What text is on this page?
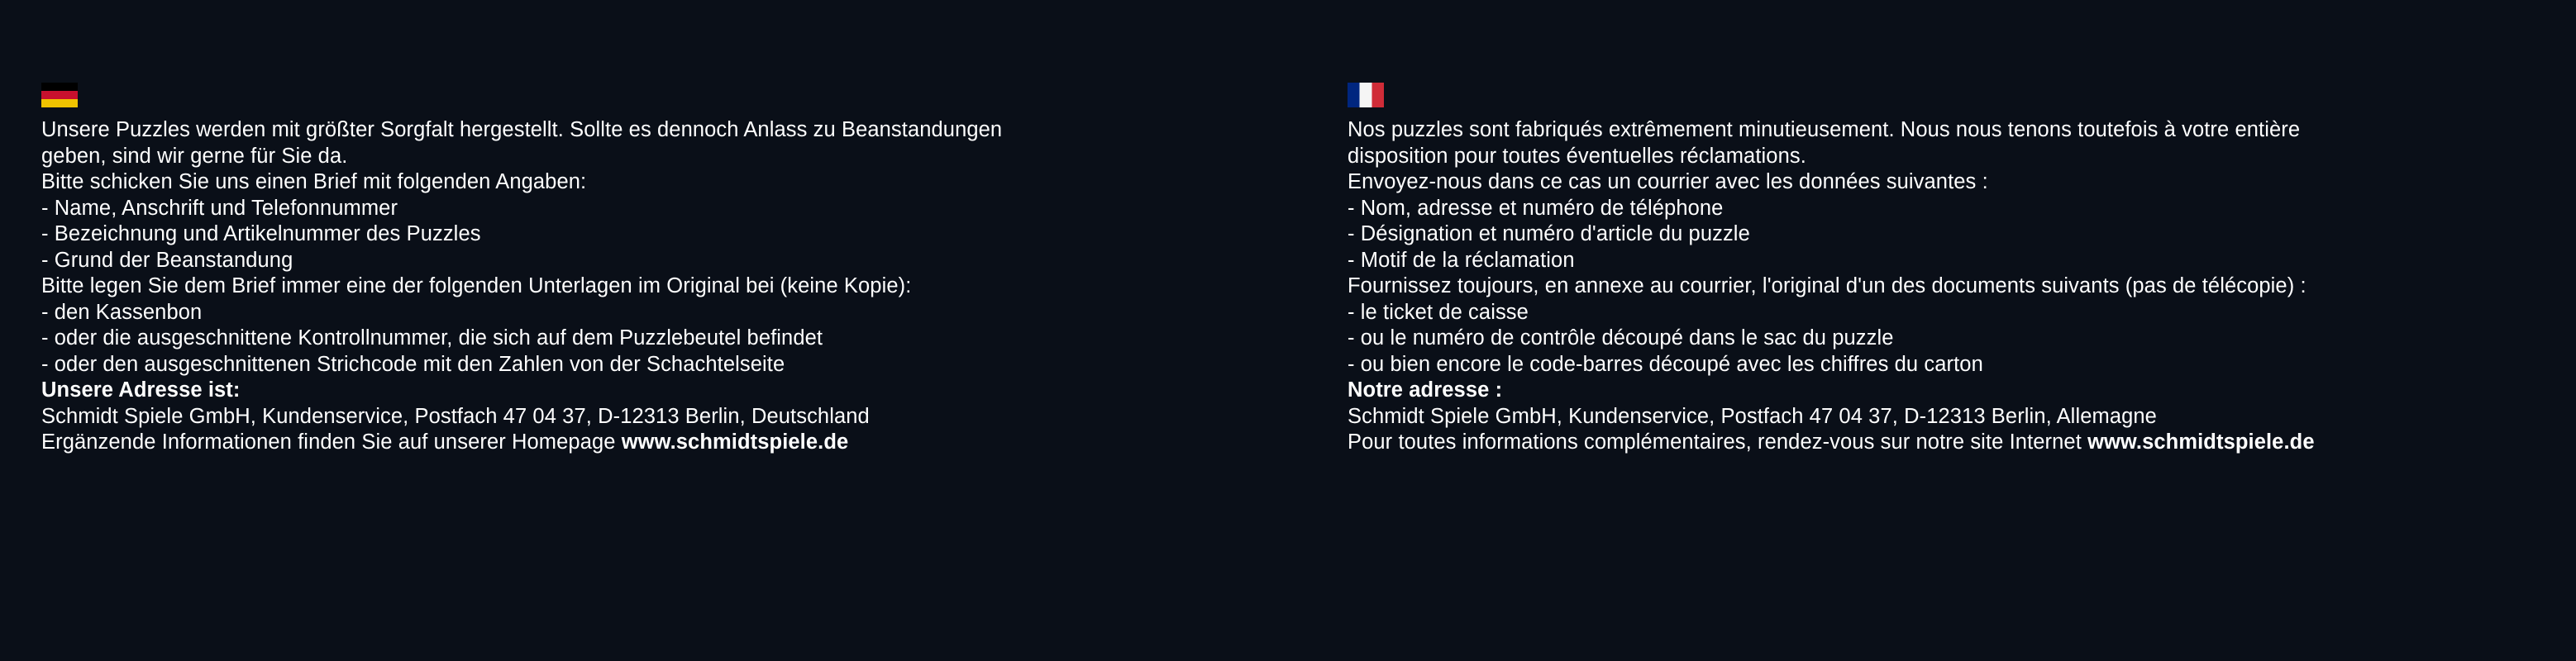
Unsere Puzzles werden mit größter Sorgfalt hergestellt. Sollte es dennoch Anlass zu Beanstandungen
geben, sind wir gerne für Sie da.
Bitte schicken Sie uns einen Brief mit folgenden Angaben:
- Name, Anschrift und Telefonnummer
- Bezeichnung und Artikelnummer des Puzzles
- Grund der Beanstandung
Bitte legen Sie dem Brief immer eine der folgenden Unterlagen im Original bei (keine Kopie):
- den Kassenbon
- oder die ausgeschnittene Kontrollnummer, die sich auf dem Puzzlebeutel befindet
- oder den ausgeschnittenen Strichcode mit den Zahlen von der Schachtelseite
Unsere Adresse ist:
Schmidt Spiele GmbH, Kundenservice, Postfach 47 04 37, D-12313 Berlin, Deutschland
Ergänzende Informationen finden Sie auf unserer Homepage www.schmidtspiele.de
Nos puzzles sont fabriqués extrêmement minutieusement. Nous nous tenons toutefois à votre entière
disposition pour toutes éventuelles réclamations.
Envoyez-nous dans ce cas un courrier avec les données suivantes :
- Nom, adresse et numéro de téléphone
- Désignation et numéro d'article du puzzle
- Motif de la réclamation
Fournissez toujours, en annexe au courrier, l'original d'un des documents suivants (pas de télécopie) :
- le ticket de caisse
- ou le numéro de contrôle découpé dans le sac du puzzle
- ou bien encore le code-barres découpé avec les chiffres du carton
Notre adresse :
Schmidt Spiele GmbH, Kundenservice, Postfach 47 04 37, D-12313 Berlin, Allemagne
Pour toutes informations complémentaires, rendez-vous sur notre site Internet www.schmidtspiele.de
